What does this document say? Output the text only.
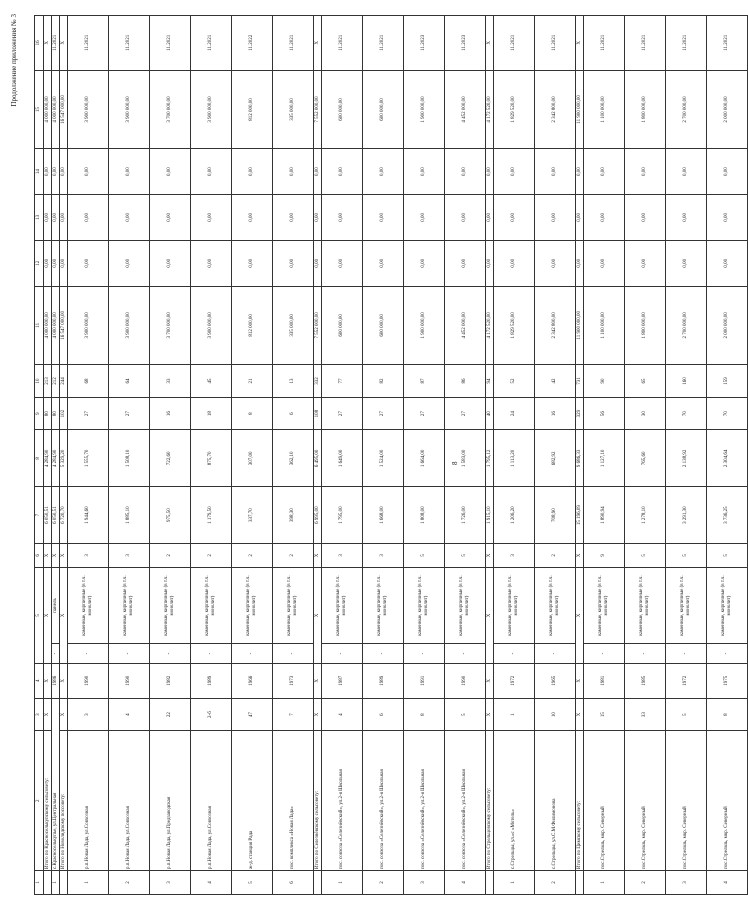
8
Продолжение приложения № 3
1	2	3	4	5		6	7	8	9	10	11	12	13	14	15	16
	Итого по Красноселькупскому сельсовету:	X	X	X		X	6 050,51	4 284,90	80	213	4 000 000,00	0,00	0,00	0,00	4 000 000,00	X
1	с.Красноселькупье, ул.Центральная		1986	-	панель	X	6 050,51	4 284,90	80	212	4 000 000,00	0,00	0,00	0,00	4 000 000,00	11.2021
	Итого по Новолидскому поссовету:	X	X	X		X	6 720,70	5 329,20	102	244	16 547 000,00	0,00	0,00	0,00	16 547 000,00	X
1	р.п.Новая Лада, ул.Совхозная	3	1990	-	каменные, кирпичные (в т.ч. монолит)	3	1 944,60	1 555,70	27	68	3 900 000,00	0,00	0,00	0,00	3 900 000,00	11.2021
2	р.п.Новая Лада, ул.Совхозная	4	1990	-	каменные, кирпичные (в т.ч. монолит)	3	1 885,10	1 508,10	27	64	3 900 000,00	0,00	0,00	0,00	3 900 000,00	11.2021
3	р.п.Новая Лада, ул.Предзаводская	22	1982	-	каменные, кирпичные (в т.ч. монолит)	2	975,50	722,60	16	33	3 700 000,00	0,00	0,00	0,00	3 700 000,00	11.2021
4	р.п.Новая Лада, ул.Совхозная	2-б	1989	-	каменные, кирпичные (в т.ч. монолит)	2	1 179,50	875,70	18	45	3 900 000,00	0,00	0,00	0,00	3 900 000,00	11.2021
5	ж-д. станция Рада	47	1966	-	каменные, кирпичные (в т.ч. монолит)	2	337,70	307,00	8	21	812 000,00	0,00	0,00	0,00	812 000,00	11.2022
6	пос. комплекса «Новая Лада»	7	1973	-	каменные, кирпичные (в т.ч. монолит)	2	398,30	362,10	6	13	335 000,00	0,00	0,00	0,00	335 000,00	11.2021
	Итого по Селезнёвскому сельсовету:	X	X	X		X	6 995,00	6 495,00	108	332	7 552 000,00	0,00	0,00	0,00	7 552 000,00	X
1	пос. совхоза «Селезнёвский», ул.2-я Школьная	4	1987	-	каменные, кирпичные (в т.ч. монолит)	3	1 795,00	1 649,00	27	77	600 000,00	0,00	0,00	0,00	600 000,00	11.2021
2	пос. совхоза «Селезнёвский», ул.2-я Школьная	6	1989	-	каменные, кирпичные (в т.ч. монолит)	3	1 668,00	1 524,00	27	82	600 000,00	0,00	0,00	0,00	600 000,00	11.2021
3	пос. совхоза «Селезнёвский», ул.2-я Школьная	8	1991	-	каменные, кирпичные (в т.ч. монолит)	5	1 808,00	1 664,00	27	87	1 900 000,00	0,00	0,00	0,00	1 900 000,00	11.2023
4	пос. совхоза «Селезнёвский», ул.2-я Школьная	5	1990	-	каменные, кирпичные (в т.ч. монолит)	5	1 726,00	1 583,00	27	86	4 452 000,00	0,00	0,00	0,00	4 452 000,00	11.2023
	Итого по Стрельцовскому сельсовету:	X	X	X		X	1 915,10	1 795,12	40	94	4 172 520,00	0,00	0,00	0,00	4 172 520,00	X
1	с.Стрельцы, ул.«с «Мотель»	1	1972	-	каменные, кирпичные (в т.ч. монолит)	3	1 206,20	1 113,20	24	52	1 829 520,00	0,00	0,00	0,00	1 829 520,00	11.2021
2	с.Стрельцы, ул.С.М.Филимонова	10	1965	-	каменные, кирпичные (в т.ч. монолит)	2	708,90	682,92	16	42	2 342 800,00	0,00	0,00	0,00	2 342 800,00	11.2021
	Итого по Цимскому сельсовету:	X	X	X		X	15 196,09	9 686,33	329	731	11 900 000,00	0,00	0,00	0,00	11 900 000,00	X
1	пос.Стрельчь, мкр. Северный	15	1981	-	каменные, кирпичные (в т.ч. монолит)	9	1 890,94	1 127,10	56	90	1 100 000,00	0,00	0,00	0,00	1 100 000,00	11.2021
2	пос.Стрельчь, мкр. Северный	33	1985	-	каменные, кирпичные (в т.ч. монолит)	5	1 278,10	765,60	30	65	1 800 000,00	0,00	0,00	0,00	1 800 000,00	11.2021
3	пос.Стрельчь, мкр. Северный	5	1972	-	каменные, кирпичные (в т.ч. монолит)	5	3 291,30	2 138,92	70	160	2 700 000,00	0,00	0,00	0,00	2 700 000,00	11.2021
4	пос.Стрельчь, мкр. Северный	8	1975	-	каменные, кирпичные (в т.ч. монолит)	5	3 736,25	2 304,64	70	159	2 000 000,00	0,00	0,00	0,00	2 000 000,00	11.2021
